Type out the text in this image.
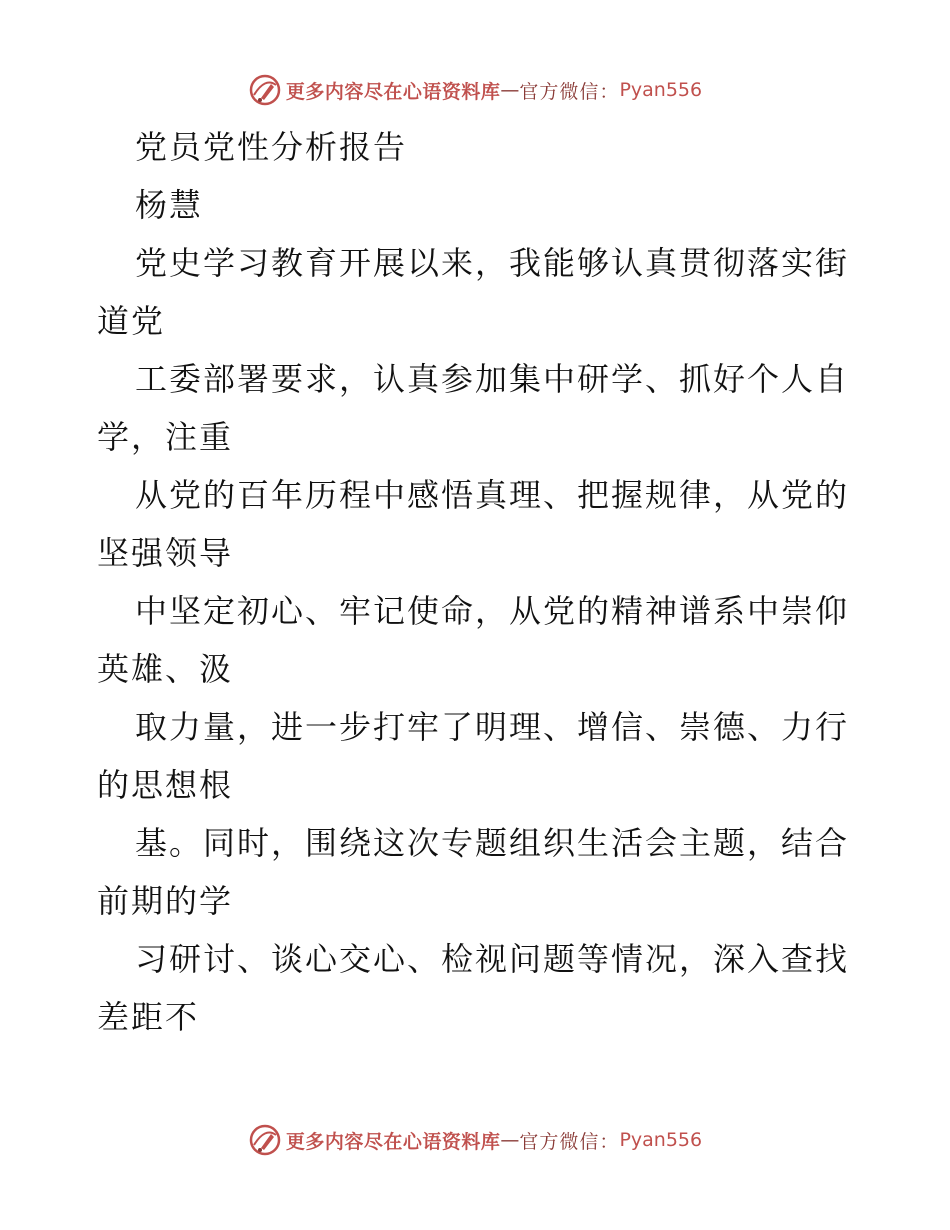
更多内容尽在心语资料库 — 官方微信： Pyan556
党员党性分析报告
杨慧
党史学习教育开展以来，我能够认真贯彻落实街
道党
工委部署要求，认真参加集中研学、抓好个人自
学，注重
从党的百年历程中感悟真理、把握规律，从党的
坚强领导
中坚定初心、牢记使命，从党的精神谱系中崇仰
英雄、汲
取力量，进一步打牢了明理、增信、崇德、力行
的思想根
基。同时，围绕这次专题组织生活会主题，结合
前期的学
习研讨、谈心交心、检视问题等情况，深入查找
差距不
更多内容尽在心语资料库 — 官方微信： Pyan556
